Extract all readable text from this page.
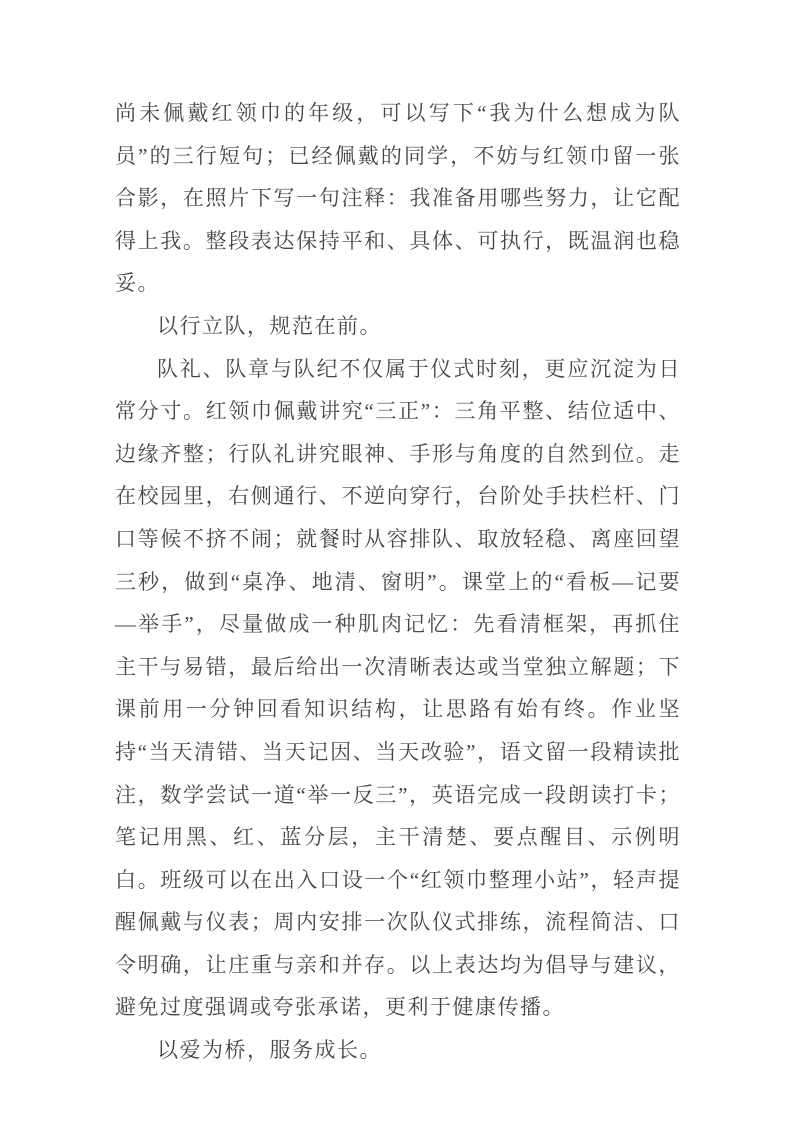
尚未佩戴红领巾的年级，可以写下“我为什么想成为队员”的三行短句；已经佩戴的同学，不妨与红领巾留一张合影，在照片下写一句注释：我准备用哪些努力，让它配得上我。整段表达保持平和、具体、可执行，既温润也稳妥。

以行立队，规范在前。

队礼、队章与队纪不仅属于仪式时刻，更应沉淀为日常分寸。红领巾佩戴讲究“三正”：三角平整、结位适中、边缘齐整；行队礼讲究眼神、手形与角度的自然到位。走在校园里，右侧通行、不逆向穿行，台阶处手扶栏杆、门口等候不挤不闹；就餐时从容排队、取放轻稳、离座回望三秒，做到“桌净、地清、窗明”。课堂上的“看板—记要—举手”，尽量做成一种肌肉记忆：先看清框架，再抓住主干与易错，最后给出一次清晰表达或当堂独立解题；下课前用一分钟回看知识结构，让思路有始有终。作业坚持“当天清错、当天记因、当天改验”，语文留一段精读批注，数学尝试一道“举一反三”，英语完成一段朗读打卡；笔记用黑、红、蓝分层，主干清楚、要点醒目、示例明白。班级可以在出入口设一个“红领巾整理小站”，轻声提醒佩戴与仪表；周内安排一次队仪式排练，流程简洁、口令明确，让庄重与亲和并存。以上表达均为倡导与建议，避免过度强调或夸张承诺，更利于健康传播。

以爱为桥，服务成长。
